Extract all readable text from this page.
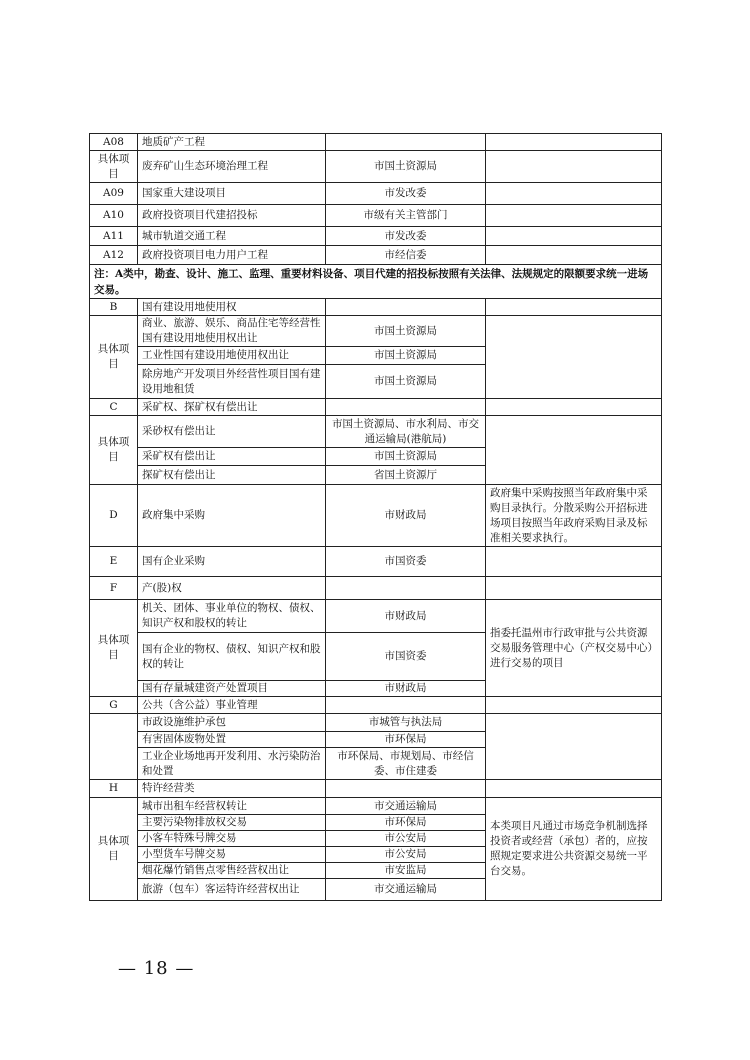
A08	地质矿产工程		
具体项目	废弃矿山生态环境治理工程	市国土资源局	
A09	国家重大建设项目	市发改委	
A10	政府投资项目代建招投标	市级有关主管部门	
A11	城市轨道交通工程	市发改委	
A12	政府投资项目电力用户工程	市经信委	
注：A类中，勘查、设计、施工、监理、重要材料设备、项目代建的招投标按照有关法律、法规规定的限额要求统一进场交易。			
B	国有建设用地使用权		
具体项目	商业、旅游、娱乐、商品住宅等经营性国有建设用地使用权出让	市国土资源局	
	工业性国有建设用地使用权出让	市国土资源局	
	除房地产开发项目外经营性项目国有建设用地租赁	市国土资源局	
C	采矿权、探矿权有偿出让		
具体项目	采砂权有偿出让	市国土资源局、市水利局、市交通运输局(港航局)	
	采矿权有偿出让	市国土资源局	
	探矿权有偿出让	省国土资源厅	
D	政府集中采购	市财政局	政府集中采购按照当年政府集中采购目录执行。分散采购公开招标进场项目按照当年政府采购目录及标准相关要求执行。
E	国有企业采购	市国资委	
F	产(股)权		
具体项目	机关、团体、事业单位的物权、债权、知识产权和股权的转让	市财政局	指委托温州市行政审批与公共资源交易服务管理中心（产权交易中心）进行交易的项目
	国有企业的物权、债权、知识产权和股权的转让	市国资委	
	国有存量城建资产处置项目	市财政局	
G	公共（含公益）事业管理		
	市政设施维护承包	市城管与执法局	
	有害固体废物处置	市环保局	
	工业企业场地再开发利用、水污染防治和处置	市环保局、市规划局、市经信委、市住建委	
H	特许经营类		
具体项目	城市出租车经营权转让	市交通运输局	本类项目凡通过市场竞争机制选择投资者或经营（承包）者的，应按照规定要求进公共资源交易统一平台交易。
	主要污染物排放权交易	市环保局	
	小客车特殊号牌交易	市公安局	
	小型货车号牌交易	市公安局	
	烟花爆竹销售点零售经营权出让	市安监局	
	旅游（包车）客运特许经营权出让	市交通运输局	
— 18 —
